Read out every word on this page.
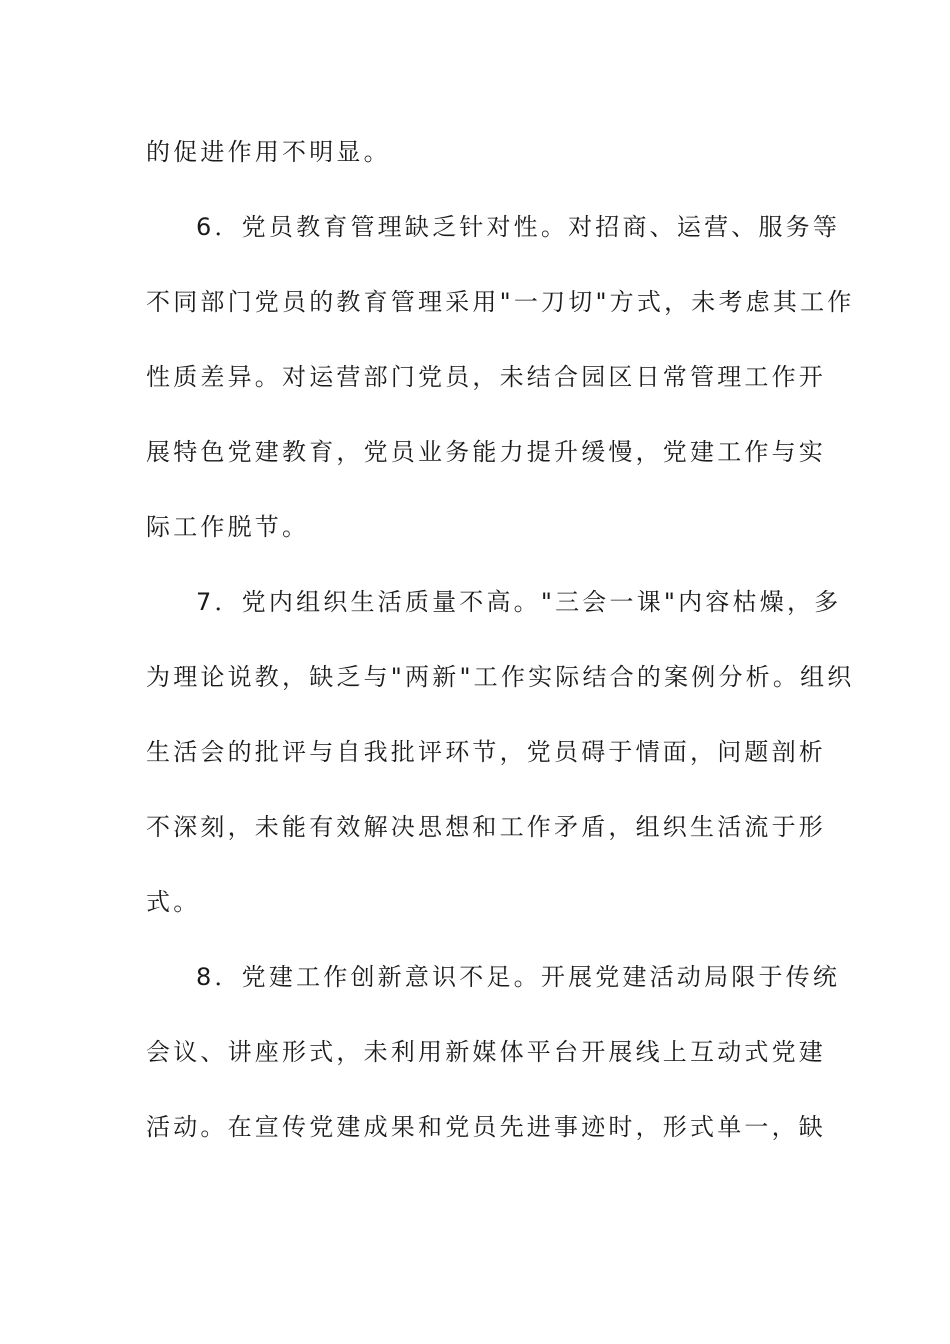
的促进作用不明显。
6．党员教育管理缺乏针对性。对招商、运营、服务等
不同部门党员的教育管理采用"一刀切"方式，未考虑其工作
性质差异。对运营部门党员，未结合园区日常管理工作开
展特色党建教育，党员业务能力提升缓慢，党建工作与实
际工作脱节。
7．党内组织生活质量不高。"三会一课"内容枯燥，多
为理论说教，缺乏与"两新"工作实际结合的案例分析。组织
生活会的批评与自我批评环节，党员碍于情面，问题剖析
不深刻，未能有效解决思想和工作矛盾，组织生活流于形
式。
8．党建工作创新意识不足。开展党建活动局限于传统
会议、讲座形式，未利用新媒体平台开展线上互动式党建
活动。在宣传党建成果和党员先进事迹时，形式单一，缺
